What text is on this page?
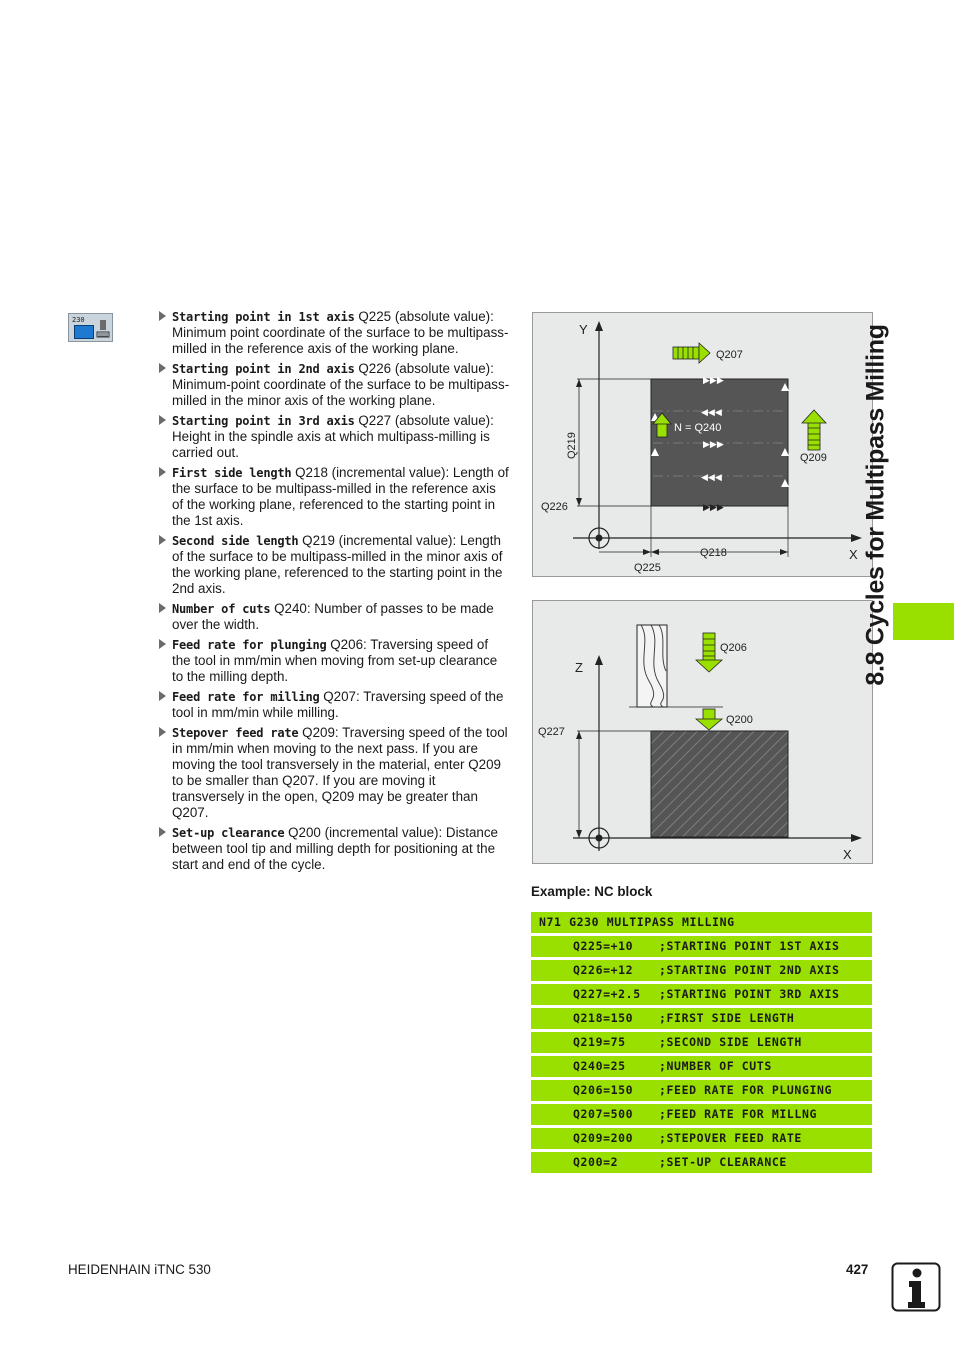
230	Starting point in 1st axis Q225 (absolute value): Minimum point coordinate of the surface to be multipass-milled in the reference axis of the working plane.
Starting point in 2nd axis Q226 (absolute value): Minimum-point coordinate of the surface to be multipass-milled in the minor axis of the working plane.
Starting point in 3rd axis Q227 (absolute value): Height in the spindle axis at which multipass-milling is carried out.
First side length Q218 (incremental value): Length of the surface to be multipass-milled in the reference axis of the working plane, referenced to the starting point in the 1st axis.
Second side length Q219 (incremental value): Length of the surface to be multipass-milled in the minor axis of the working plane, referenced to the starting point in the 2nd axis.
Number of cuts Q240: Number of passes to be made over the width.
Feed rate for plunging Q206: Traversing speed of the tool in mm/min when moving from set-up clearance to the milling depth.
Feed rate for milling Q207: Traversing speed of the tool in mm/min while milling.
Stepover feed rate Q209: Traversing speed of the tool in mm/min when moving to the next pass. If you are moving the tool transversely in the material, enter Q209 to be smaller than Q207. If you are moving it transversely in the open, Q209 may be greater than Q207.
Set-up clearance Q200 (incremental value): Distance between tool tip and milling depth for positioning at the start and end of the cycle.
Y
X
▶▶▶
◀◀◀
▶▶▶
◀◀◀
▶▶▶
Q207
N = Q240
Q209
Q219
Q226
Q218
Q225
Z
X
Q206
Q200
Q227
Example: NC block
N71 G230 MULTIPASS MILLING
Q225=+10 ;STARTING POINT 1ST AXIS
Q226=+12 ;STARTING POINT 2ND AXIS
Q227=+2.5 ;STARTING POINT 3RD AXIS
Q218=150 ;FIRST SIDE LENGTH
Q219=75	;SECOND SIDE LENGTH
Q240=25	;NUMBER OF CUTS
Q206=150 ;FEED RATE FOR PLUNGING
Q207=500 ;FEED RATE FOR MILLNG
Q209=200 ;STEPOVER FEED RATE
Q200=2	;SET-UP CLEARANCE
8.8 Cycles for Multipass Milling
HEIDENHAIN iTNC 530	427
